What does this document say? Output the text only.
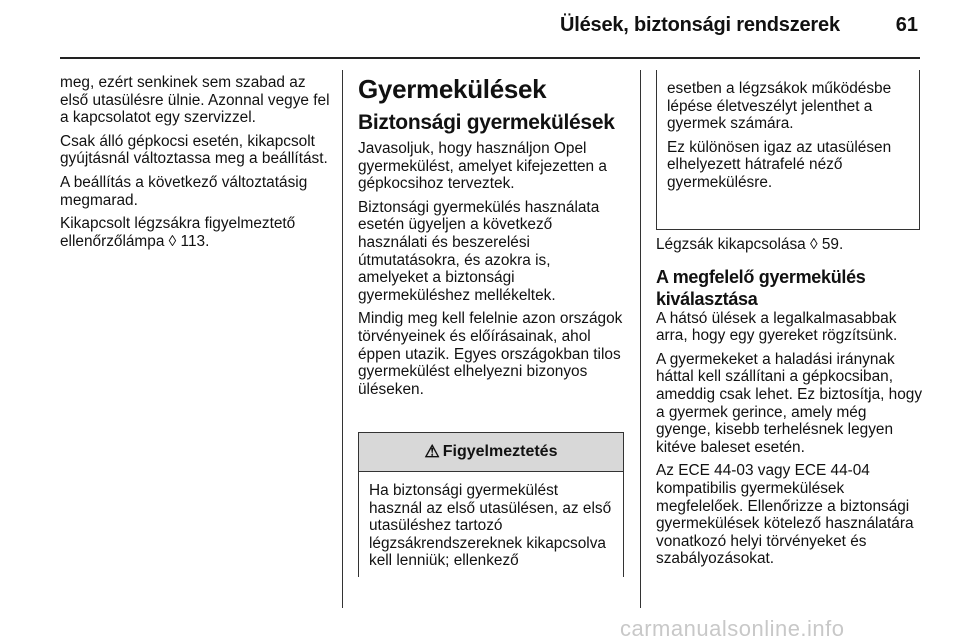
Ülések, biztonsági rendszerek	61

meg, ezért senkinek sem szabad az első utasülésre ülnie. Azonnal vegye fel a kapcsolatot egy szervizzel.

Csak álló gépkocsi esetén, kikapcsolt gyújtásnál változtassa meg a beállítást.

A beállítás a következő változtatásig megmarad.

Kikapcsolt légzsákra figyelmeztető ellenőrzőlámpa ◊ 113.

Gyermekülések
Biztonsági gyermekülések

Javasoljuk, hogy használjon Opel gyermekülést, amelyet kifejezetten a gépkocsihoz terveztek.

Biztonsági gyermekülés használata esetén ügyeljen a következő használati és beszerelési útmutatásokra, és azokra is, amelyeket a biztonsági gyermeküléshez mellékeltek.

Mindig meg kell felelnie azon országok törvényeinek és előírásainak, ahol éppen utazik. Egyes országokban tilos gyermekülést elhelyezni bizonyos üléseken.

⚠ Figyelmeztetés
Ha biztonsági gyermekülést használ az első utasülésen, az első utasüléshez tartozó légzsákrendszereknek kikapcsolva kell lenniük; ellenkező

esetben a légzsákok működésbe lépése életveszélyt jelenthet a gyermek számára.

Ez különösen igaz az utasülésen elhelyezett hátrafelé néző gyermekülésre.

Légzsák kikapcsolása ◊ 59.

A megfelelő gyermekülés kiválasztása

A hátsó ülések a legalkalmasabbak arra, hogy egy gyereket rögzítsünk.

A gyermekeket a haladási iránynak háttal kell szállítani a gépkocsiban, ameddig csak lehet. Ez biztosítja, hogy a gyermek gerince, amely még gyenge, kisebb terhelésnek legyen kitéve baleset esetén.

Az ECE 44-03 vagy ECE 44-04 kompatibilis gyermekülések megfelelőek. Ellenőrizze a biztonsági gyermekülések kötelező használatára vonatkozó helyi törvényeket és szabályozásokat.

carmanualsonline.info
